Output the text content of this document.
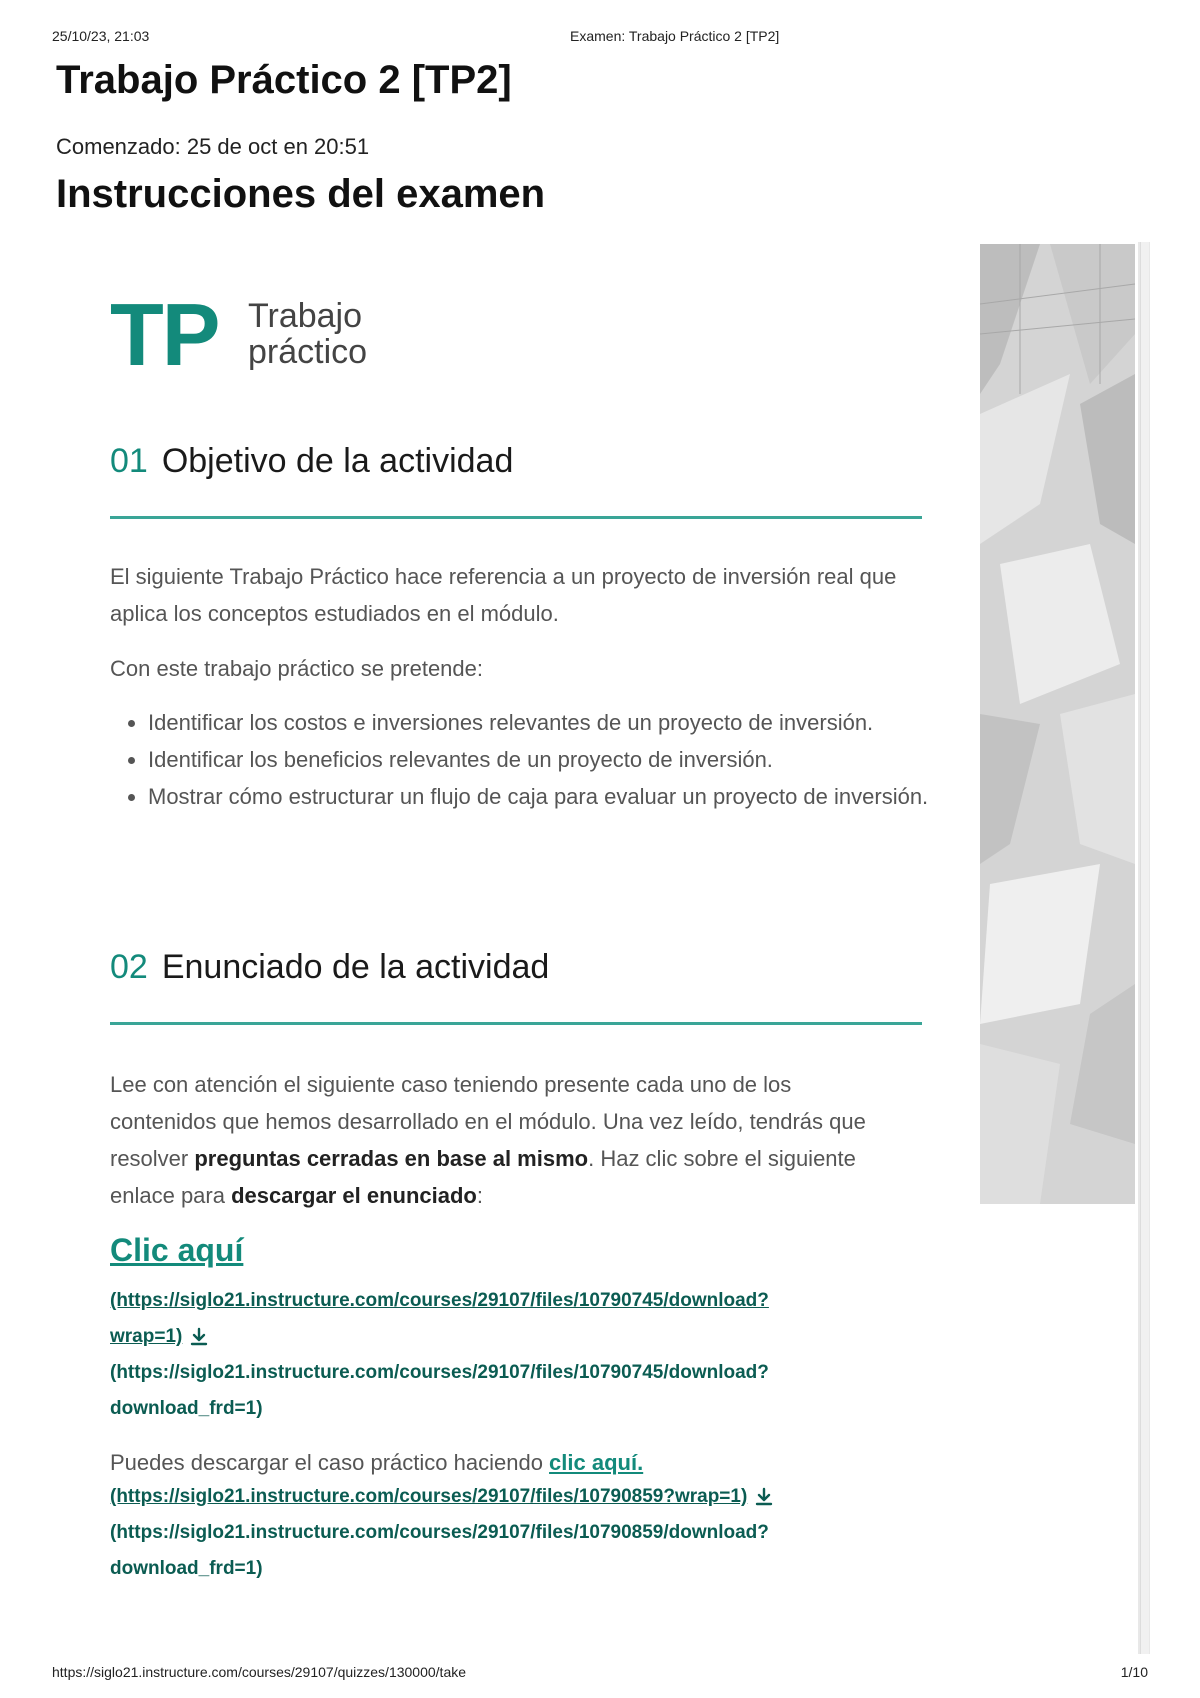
25/10/23, 21:03	Examen: Trabajo Práctico 2 [TP2]
Trabajo Práctico 2 [TP2]
Comenzado: 25 de oct en 20:51
Instrucciones del examen
TP Trabajo
práctico
01 Objetivo de la actividad
El siguiente Trabajo Práctico hace referencia a un proyecto de inversión real que aplica los conceptos estudiados en el módulo.
Con este trabajo práctico se pretende:
• Identificar los costos e inversiones relevantes de un proyecto de inversión.
• Identificar los beneficios relevantes de un proyecto de inversión.
• Mostrar cómo estructurar un flujo de caja para evaluar un proyecto de inversión.
02 Enunciado de la actividad
Lee con atención el siguiente caso teniendo presente cada uno de los contenidos que hemos desarrollado en el módulo. Una vez leído, tendrás que resolver preguntas cerradas en base al mismo. Haz clic sobre el siguiente enlace para descargar el enunciado:
Clic aquí
(https://siglo21.instructure.com/courses/29107/files/10790745/download?
wrap=1)
(https://siglo21.instructure.com/courses/29107/files/10790745/download?
download_frd=1)
Puedes descargar el caso práctico haciendo clic aquí.
(https://siglo21.instructure.com/courses/29107/files/10790859?wrap=1)
(https://siglo21.instructure.com/courses/29107/files/10790859/download?
download_frd=1)
https://siglo21.instructure.com/courses/29107/quizzes/130000/take	1/10
